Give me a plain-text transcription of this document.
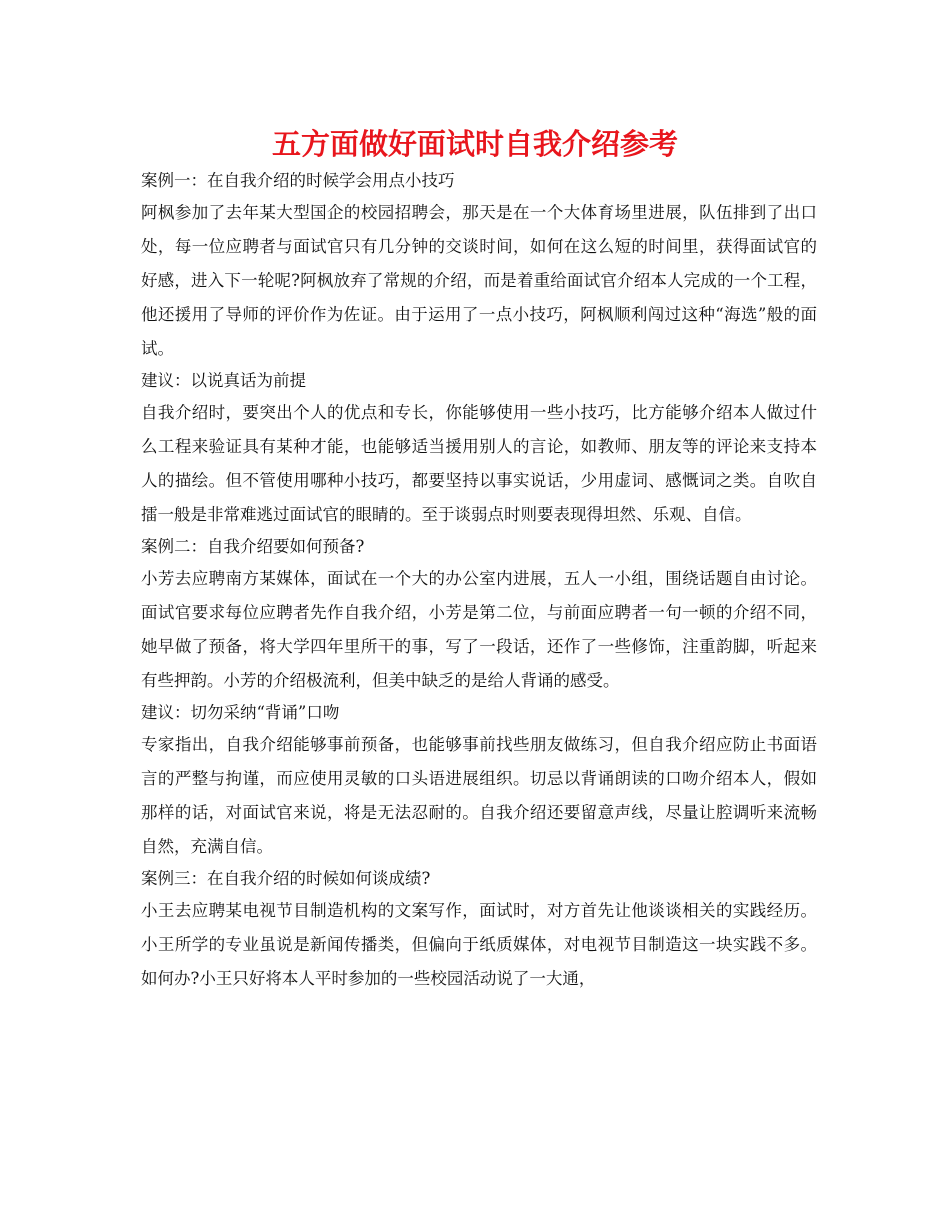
五方面做好面试时自我介绍参考

案例一：在自我介绍的时候学会用点小技巧

阿枫参加了去年某大型国企的校园招聘会，那天是在一个大体育场里进展，队伍排到了出口处，每一位应聘者与面试官只有几分钟的交谈时间，如何在这么短的时间里，获得面试官的好感，进入下一轮呢?阿枫放弃了常规的介绍，而是着重给面试官介绍本人完成的一个工程，他还援用了导师的评价作为佐证。由于运用了一点小技巧，阿枫顺利闯过这种“海选”般的面试。

建议：以说真话为前提

自我介绍时，要突出个人的优点和专长，你能够使用一些小技巧，比方能够介绍本人做过什么工程来验证具有某种才能，也能够适当援用别人的言论，如教师、朋友等的评论来支持本人的描绘。但不管使用哪种小技巧，都要坚持以事实说话，少用虚词、感慨词之类。自吹自擂一般是非常难逃过面试官的眼睛的。至于谈弱点时则要表现得坦然、乐观、自信。

案例二：自我介绍要如何预备?

小芳去应聘南方某媒体，面试在一个大的办公室内进展，五人一小组，围绕话题自由讨论。面试官要求每位应聘者先作自我介绍，小芳是第二位，与前面应聘者一句一顿的介绍不同，她早做了预备，将大学四年里所干的事，写了一段话，还作了一些修饰，注重韵脚，听起来有些押韵。小芳的介绍极流利，但美中缺乏的是给人背诵的感受。

建议：切勿采纳“背诵”口吻

专家指出，自我介绍能够事前预备，也能够事前找些朋友做练习，但自我介绍应防止书面语言的严整与拘谨，而应使用灵敏的口头语进展组织。切忌以背诵朗读的口吻介绍本人，假如那样的话，对面试官来说，将是无法忍耐的。自我介绍还要留意声线，尽量让腔调听来流畅自然，充满自信。

案例三：在自我介绍的时候如何谈成绩?

小王去应聘某电视节目制造机构的文案写作，面试时，对方首先让他谈谈相关的实践经历。小王所学的专业虽说是新闻传播类，但偏向于纸质媒体，对电视节目制造这一块实践不多。如何办?小王只好将本人平时参加的一些校园活动说了一大通，
